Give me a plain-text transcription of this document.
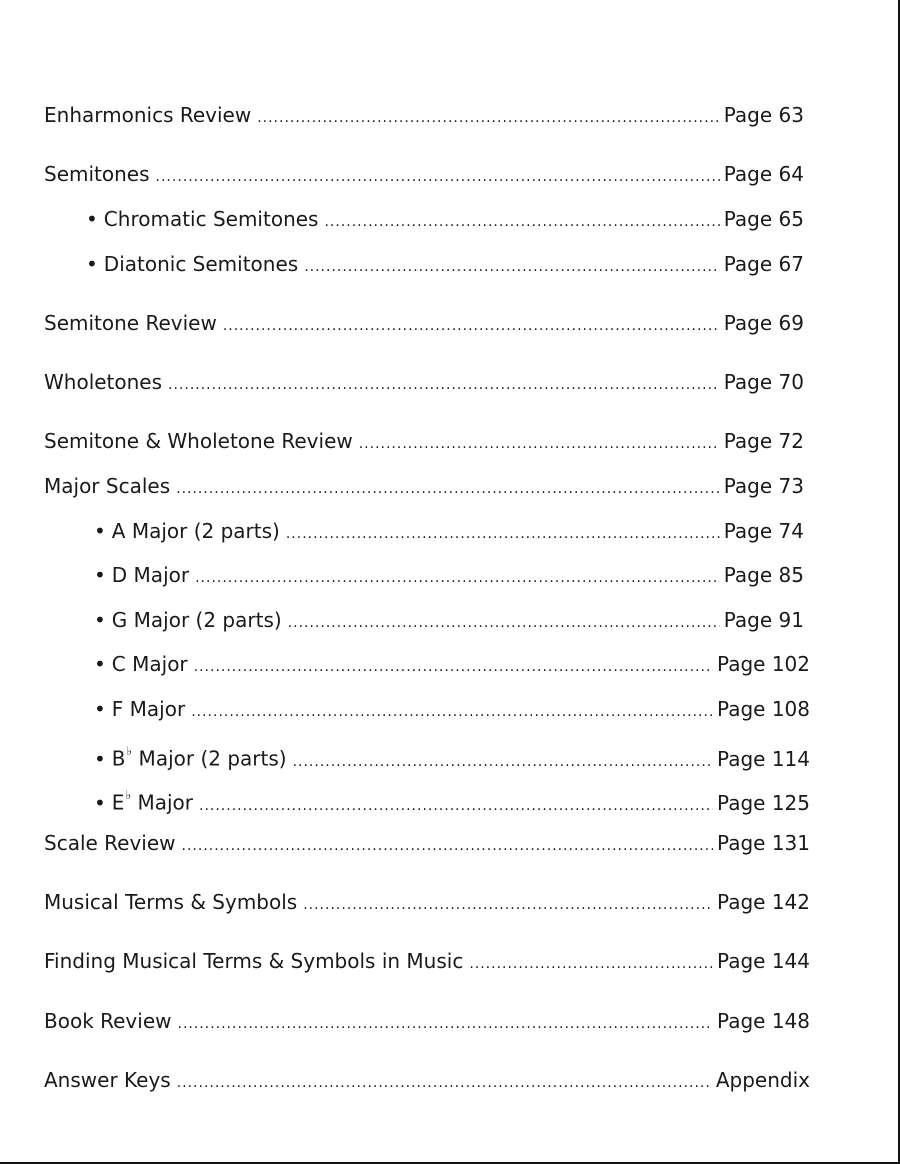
Enharmonics Review .....	Page 63
Semitones .....	Page 64
• Chromatic Semitones .....	Page 65
• Diatonic Semitones .....	Page 67
Semitone Review .....	Page 69
Wholetones .....	Page 70
Semitone & Wholetone Review .....	Page 72
Major Scales .....	Page 73
• A Major (2 parts) .....	Page 74
• D Major .....	Page 85
• G Major (2 parts) .....	Page 91
• C Major .....	Page 102
• F Major .....	Page 108
• B♭ Major (2 parts) .....	Page 114
• E♭ Major .....	Page 125
Scale Review .....	Page 131
Musical Terms & Symbols .....	Page 142
Finding Musical Terms & Symbols in Music .....	Page 144
Book Review .....	Page 148
Answer Keys .....	Appendix
